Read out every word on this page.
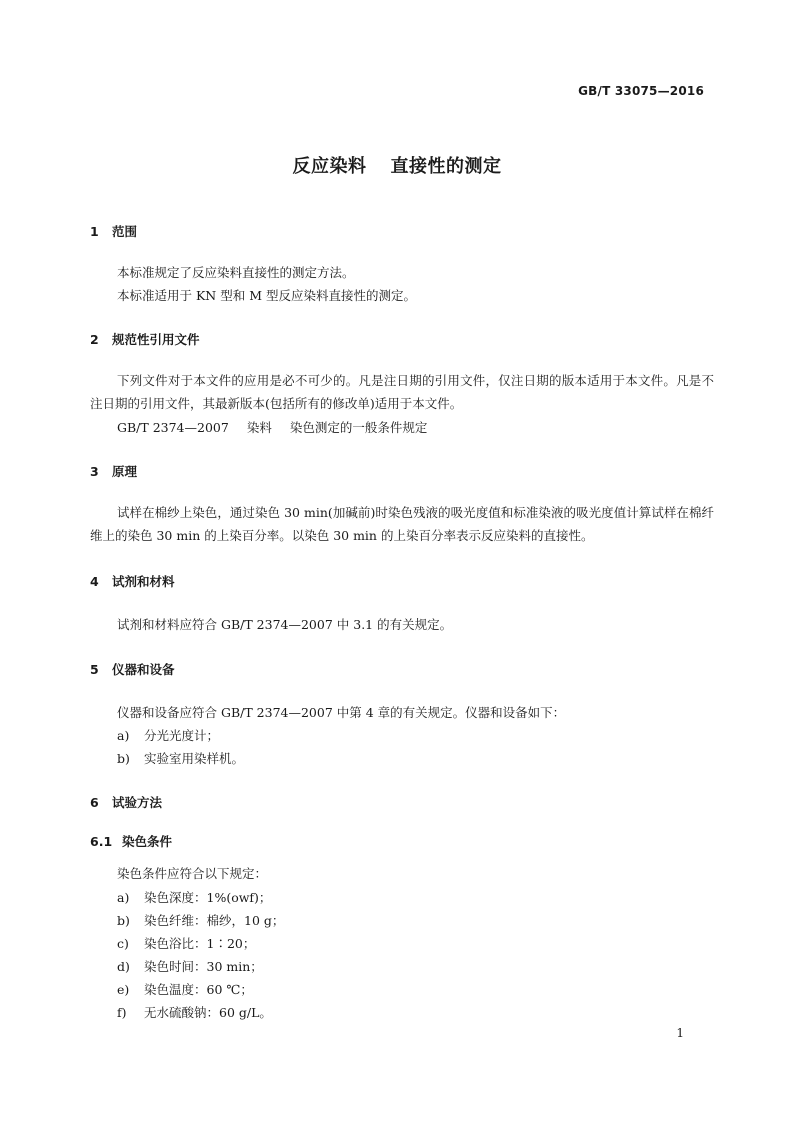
GB/T 33075—2016
反应染料 直接性的测定
1 范围
本标准规定了反应染料直接性的测定方法。
本标准适用于 KN 型和 M 型反应染料直接性的测定。
2 规范性引用文件
下列文件对于本文件的应用是必不可少的。凡是注日期的引用文件，仅注日期的版本适用于本文件。凡是不注日期的引用文件，其最新版本(包括所有的修改单)适用于本文件。
GB/T 2374—2007 染料 染色测定的一般条件规定
3 原理
试样在棉纱上染色，通过染色 30 min(加碱前)时染色残液的吸光度值和标准染液的吸光度值计算试样在棉纤维上的染色 30 min 的上染百分率。以染色 30 min 的上染百分率表示反应染料的直接性。
4 试剂和材料
试剂和材料应符合 GB/T 2374—2007 中 3.1 的有关规定。
5 仪器和设备
仪器和设备应符合 GB/T 2374—2007 中第 4 章的有关规定。仪器和设备如下：
a) 分光光度计；
b) 实验室用染样机。
6 试验方法
6.1 染色条件
染色条件应符合以下规定：
a) 染色深度：1%(owf)；
b) 染色纤维：棉纱，10 g；
c) 染色浴比：1∶20；
d) 染色时间：30 min；
e) 染色温度：60 ℃；
f) 无水硫酸钠：60 g/L。
1
